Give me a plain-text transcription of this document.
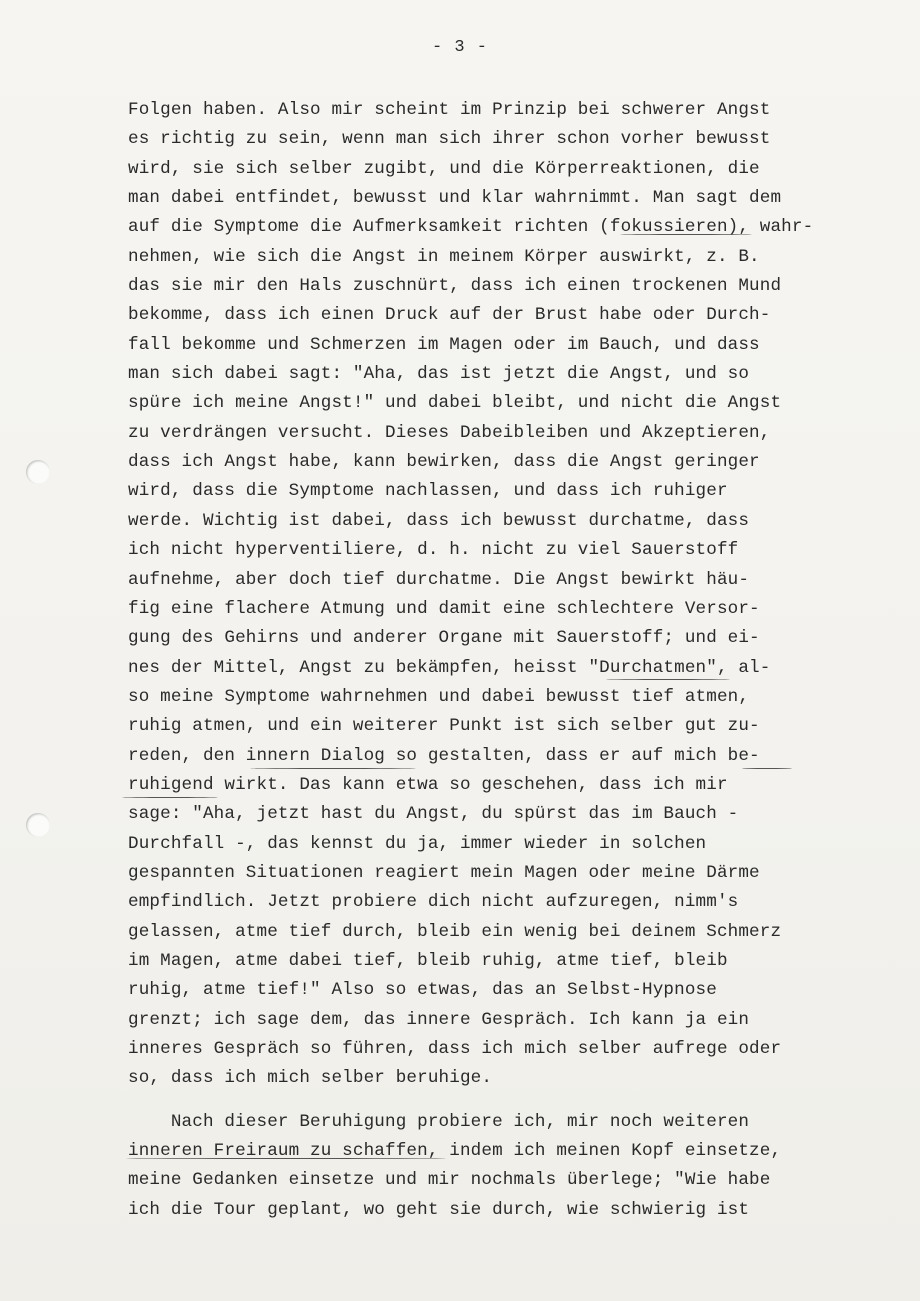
- 3 -
Folgen haben. Also mir scheint im Prinzip bei schwerer Angst
es richtig zu sein, wenn man sich ihrer schon vorher bewusst
wird, sie sich selber zugibt, und die Körperreaktionen, die
man dabei entfindet, bewusst und klar wahrnimmt. Man sagt dem
auf die Symptome die Aufmerksamkeit richten (fokussieren), wahr-
nehmen, wie sich die Angst in meinem Körper auswirkt, z. B.
das sie mir den Hals zuschnürt, dass ich einen trockenen Mund
bekomme, dass ich einen Druck auf der Brust habe oder Durch-
fall bekomme und Schmerzen im Magen oder im Bauch, und dass
man sich dabei sagt: "Aha, das ist jetzt die Angst, und so
spüre ich meine Angst!" und dabei bleibt, und nicht die Angst
zu verdrängen versucht. Dieses Dabeibleiben und Akzeptieren,
dass ich Angst habe, kann bewirken, dass die Angst geringer
wird, dass die Symptome nachlassen, und dass ich ruhiger
werde. Wichtig ist dabei, dass ich bewusst durchatme, dass
ich nicht hyperventiliere, d. h. nicht zu viel Sauerstoff
aufnehme, aber doch tief durchatme. Die Angst bewirkt häu-
fig eine flachere Atmung und damit eine schlechtere Versor-
gung des Gehirns und anderer Organe mit Sauerstoff; und ei-
nes der Mittel, Angst zu bekämpfen, heisst "Durchatmen", al-
so meine Symptome wahrnehmen und dabei bewusst tief atmen,
ruhig atmen, und ein weiterer Punkt ist sich selber gut zu-
reden, den innern Dialog so gestalten, dass er auf mich be-
ruhigend wirkt. Das kann etwa so geschehen, dass ich mir
sage: "Aha, jetzt hast du Angst, du spürst das im Bauch -
Durchfall -, das kennst du ja, immer wieder in solchen
gespannten Situationen reagiert mein Magen oder meine Därme
empfindlich. Jetzt probiere dich nicht aufzuregen, nimm's
gelassen, atme tief durch, bleib ein wenig bei deinem Schmerz
im Magen, atme dabei tief, bleib ruhig, atme tief, bleib
ruhig, atme tief!" Also so etwas, das an Selbst-Hypnose
grenzt; ich sage dem, das innere Gespräch. Ich kann ja ein
inneres Gespräch so führen, dass ich mich selber aufrege oder
so, dass ich mich selber beruhige.
Nach dieser Beruhigung probiere ich, mir noch weiteren
inneren Freiraum zu schaffen, indem ich meinen Kopf einsetze,
meine Gedanken einsetze und mir nochmals überlege; "Wie habe
ich die Tour geplant, wo geht sie durch, wie schwierig ist
